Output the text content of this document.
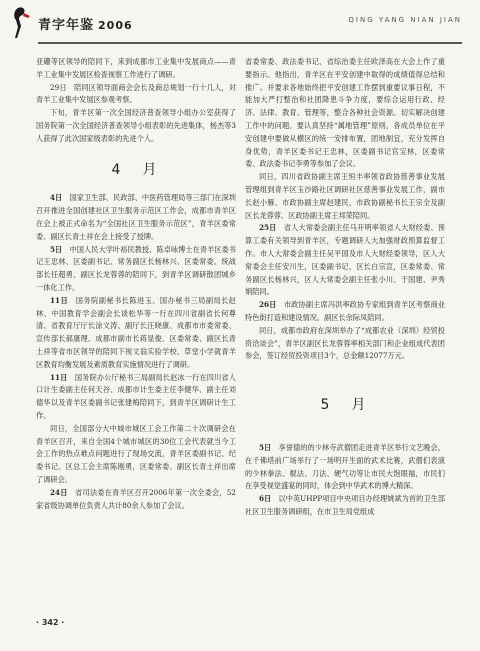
青字年鉴 2006	QING YANG NIAN JIAN

亚硼等区领导的陪同下，来到成都市工业集中发展商点——青羊工业集中发展区检查视察工作进行了调研。

29日　陪同区领导面商会会长及商总规划一行十几人，对青羊工业集中发展区参观考察。

下旬，青羊区第一次全国经济普查领导小组办公室获得了国务院第一次全国经济普查领导小组表彰的先进集体，杨杰等3人获得了此次国家级表彰的先进个人。

4　月

4日　 国家卫生部、民政部、中医药管理局等三部门在深圳召开推进全国创建社区卫生服务示范区工作会，成都市青羊区在会上被正式命名为“全国社区卫生服务示范区”，青羊区委常委、副区长青土祥在会上接受了授牌。

5日　 中国人民大学叶裕民教授、陈卓咏博士在青羊区委书记王忠林、区委副书记、常务副区长杨林兴、区委常委、统战部长任超勇、副区长龙蓉蓉的陪同下，到青羊区调研散团城乡一体化工作。

11日　 国务院副秘书长陈进玉、国办秘书三局副局长赵林、中国教育学会副会长谈松华等一行在四川省副省长何尊清、省教育厅厅长涂文涛、副厅长汪晓康、成都市市委常委、宣传部长郝康理、成都市副市长蒋显俊、区委常委、副区长青土祥等省市区领导的陪同下视文翁实验学校、草堂小学就青羊区教育均衡发展及素质教育实施情况进行了调研。

11日　 国务院办公厅秘书三局副局长赵冰一行在四川省人口计生委副主任何天谷、成都市计生委主任李健华、副主任刘德华以及青羊区委副书记张建梅陪同下，到青羊区调研计生工作。

同日，全国部分大中城市城区工会工作第二十次调研会在青羊区召开，来自全国4个城市城区的30位工会代表就当今工会工作的热点难点问题进行了现场交流，青羊区委副书记、纪委书记、区总工会主席陈刚勇，区委常委、副区长青土祥出席了调研会。

24日　 省司法委在青羊区召开2006年第一次全委会，52家省级协调单位负责人共计80余人参加了会议。

省委常委、政法委书记、省综治委主任欧泽高在大会上作了重要指示。他指出，青羊区在平安创建中取得的成绩值得总结和推广。并要求各地始终把平安创建工作摆到重要议事日程，不能加大严打整治和社团降患斗争力度，要综合运用行政、经济、法律、教育、管理等，整合各种社会资源。切实解决创建工作中的问题。要认真坚持“属地管理”原则，各成员单位在平安创建中要做从横区的统一安排布置，团地制宜，充分发挥自身优势，青羊区委书记王忠林，区委副书记官宝林，区委常委、政法委书记李勇等参加了会议。

同日，四川省政协副主席王恒丰率领省政协慈善事业发展管理组到青羊区玉沙路社区调研社区慈善事业发展工作，副市长赵小雁、市政协副主席赵建民，市政协副秘书长王宗全及副区长龙蓉蓉、区政协副主席王邦荣陪同。

25日　 省人大常委会副主任马开明率领省人大财经委、预算工委有关领导到青羊区，专题调研人大加强财政预算监督工作。市人大常委会副主任吴平国及市人大财经委领导，区人大常委会主任安川生，区委副书记，区长白宗宣，区委常委、常务副区长杨林兴，区人大常委会副主任张小川、于国建、尹秀娟陪同。

26日　 市政协副主席冯洪率政协专家组到青羊区考察商业特色街打造和建设情况。副区长余际凤陪同。

同日，成都市政府在深圳举办了“成都农业（深圳）经贸投资洽谈会”，青羊区副区长龙蓉蓉率相关部门和企业组成代表团参会，签订经贸投资项目3个，总金额12077万元。

5　月

5日　 享誉德的的少林寺武僧团走进青羊区举行文艺晚会，在千佛塔前广场举行了一场明开生面的武术比赛，武僧们表演的少林拳法、棍法、刀法、硬气功等让市民大饱眼福，市民们在享受视觉盛宴的同时，体会到中华武术的博大精深。

6日　 以中英UHPP项目中央项目办经理姚斌为首的卫生部社区卫生服务调研组，在市卫生局党组成

· 342 ·
